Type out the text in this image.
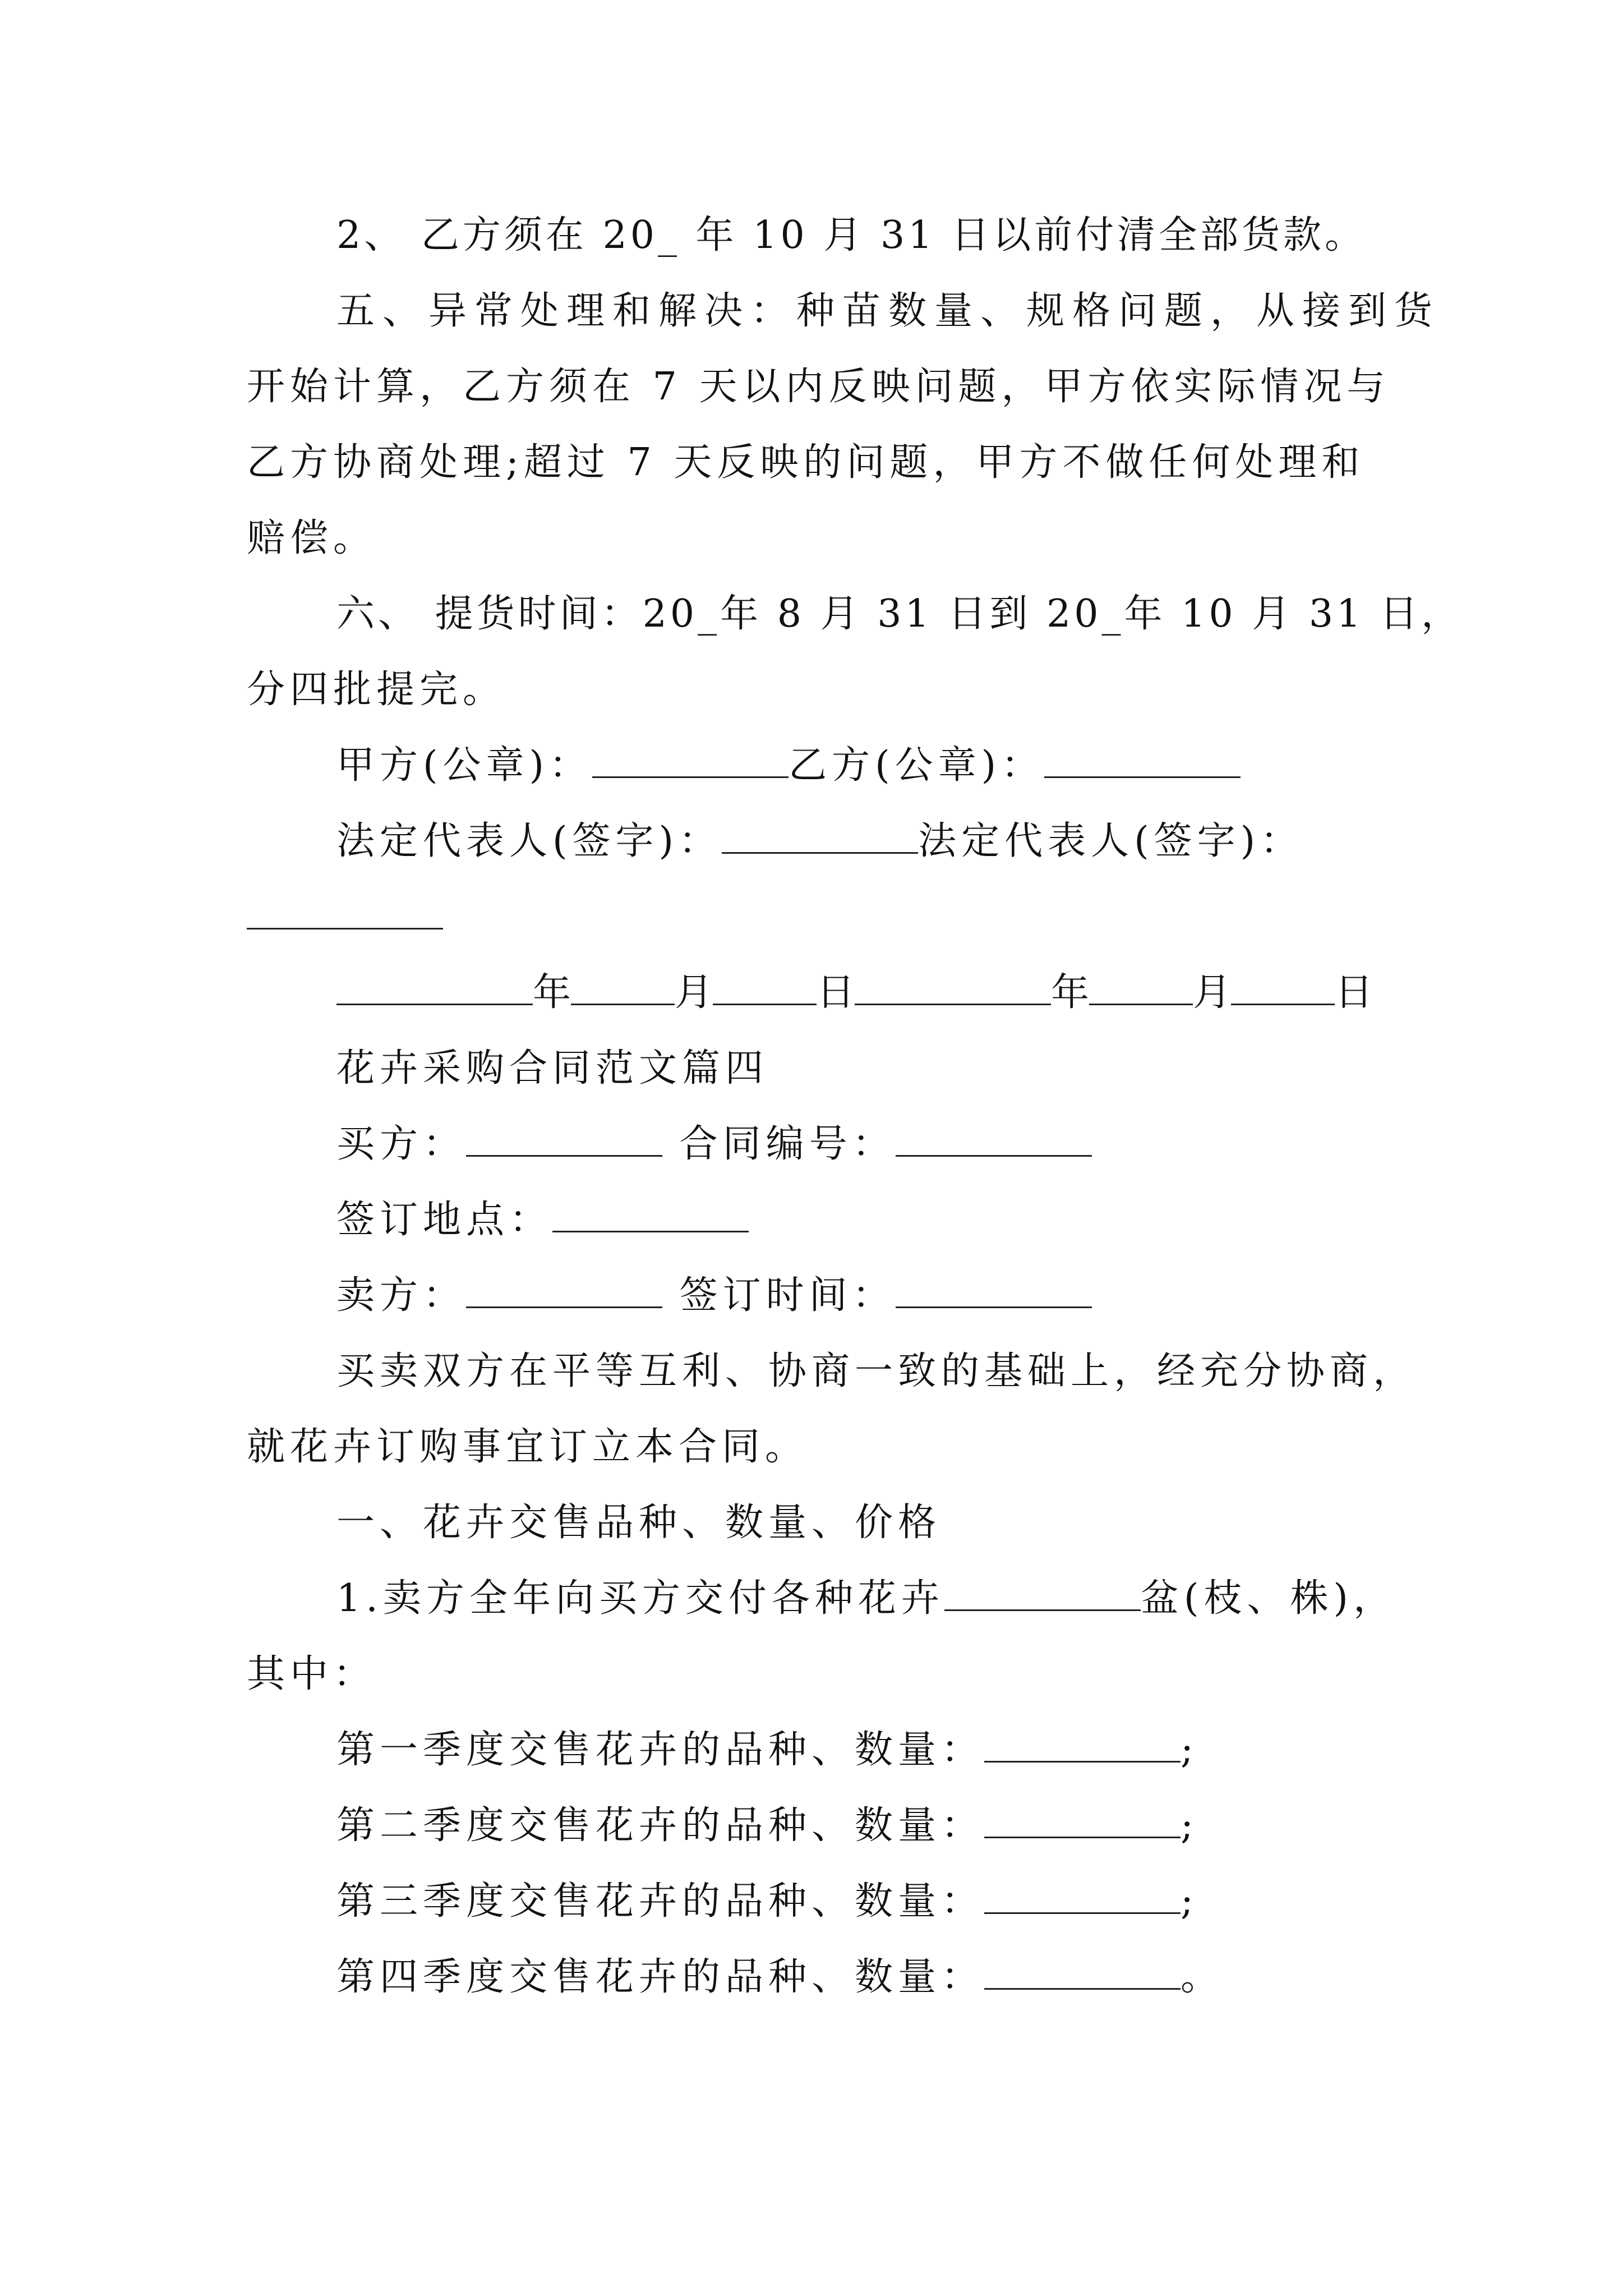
2、 乙方须在 20_ 年 10 月 31 日以前付清全部货款。
五、异常处理和解决：种苗数量、规格问题，从接到货
开始计算，乙方须在 7 天以内反映问题，甲方依实际情况与
乙方协商处理;超过 7 天反映的问题，甲方不做任何处理和
赔偿。
六、 提货时间：20_年 8 月 31 日到 20_年 10 月 31 日，
分四批提完。
甲方(公章)：	乙方(公章)：
法定代表人(签字)：	法定代表人(签字)：
年	月	日	年	月	日
花卉采购合同范文篇四
买方：	合同编号：
签订地点：
卖方：	签订时间：
买卖双方在平等互利、协商一致的基础上，经充分协商，
就花卉订购事宜订立本合同。
一、花卉交售品种、数量、价格
1.卖方全年向买方交付各种花卉	盆(枝、株)，
其中：
第一季度交售花卉的品种、数量：	;
第二季度交售花卉的品种、数量：	;
第三季度交售花卉的品种、数量：	;
第四季度交售花卉的品种、数量：	。
